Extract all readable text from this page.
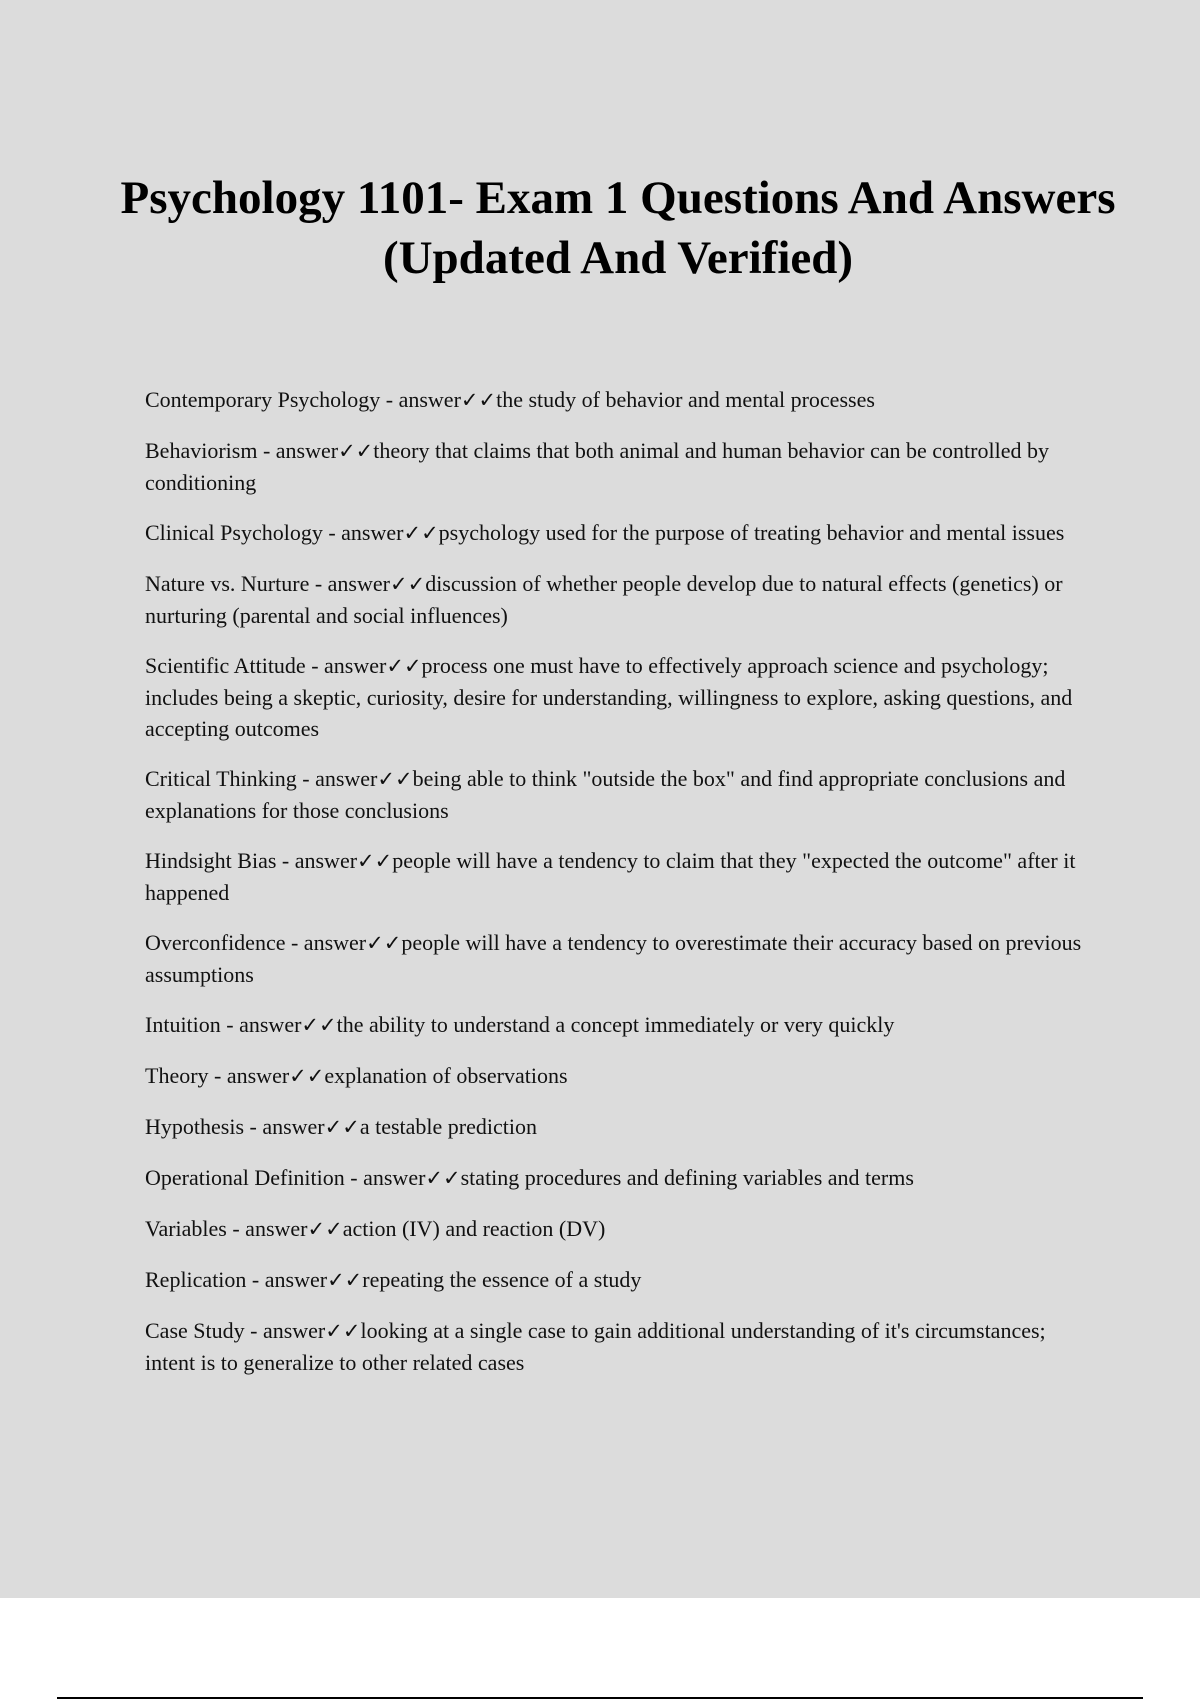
Psychology 1101- Exam 1 Questions And Answers (Updated And Verified)
Contemporary Psychology - answer✓✓the study of behavior and mental processes
Behaviorism - answer✓✓theory that claims that both animal and human behavior can be controlled by conditioning
Clinical Psychology - answer✓✓psychology used for the purpose of treating behavior and mental issues
Nature vs. Nurture - answer✓✓discussion of whether people develop due to natural effects (genetics) or nurturing (parental and social influences)
Scientific Attitude - answer✓✓process one must have to effectively approach science and psychology; includes being a skeptic, curiosity, desire for understanding, willingness to explore, asking questions, and accepting outcomes
Critical Thinking - answer✓✓being able to think "outside the box" and find appropriate conclusions and explanations for those conclusions
Hindsight Bias - answer✓✓people will have a tendency to claim that they "expected the outcome" after it happened
Overconfidence - answer✓✓people will have a tendency to overestimate their accuracy based on previous assumptions
Intuition - answer✓✓the ability to understand a concept immediately or very quickly
Theory - answer✓✓explanation of observations
Hypothesis - answer✓✓a testable prediction
Operational Definition - answer✓✓stating procedures and defining variables and terms
Variables - answer✓✓action (IV) and reaction (DV)
Replication - answer✓✓repeating the essence of a study
Case Study - answer✓✓looking at a single case to gain additional understanding of it's circumstances; intent is to generalize to other related cases
